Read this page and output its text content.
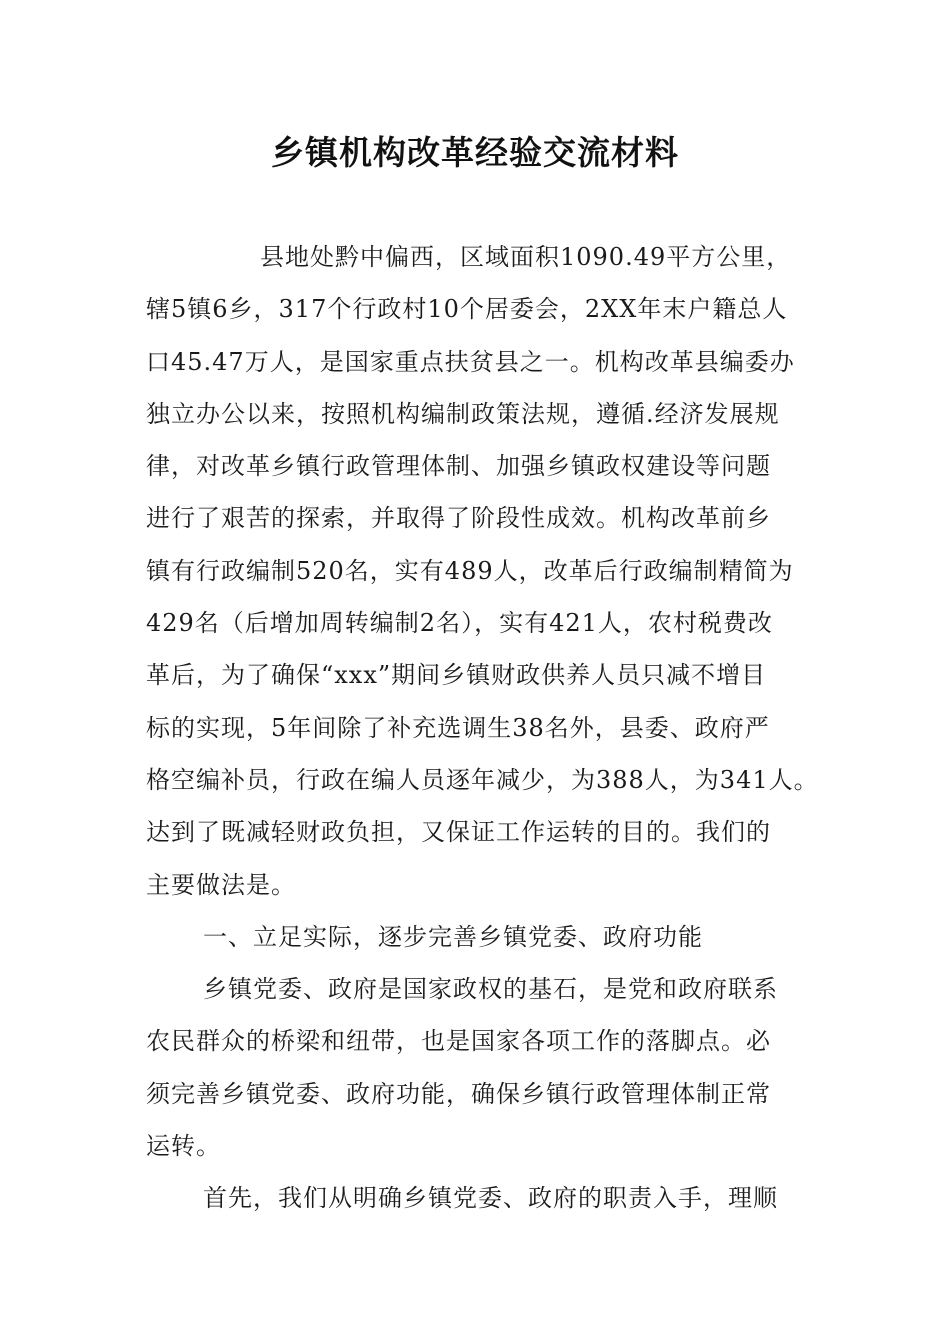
乡镇机构改革经验交流材料
县地处黔中偏西，区域面积1090.49平方公里，
辖5镇6乡，317个行政村10个居委会，2XX年末户籍总人
口45.47万人，是国家重点扶贫县之一。机构改革县编委办
独立办公以来，按照机构编制政策法规，遵循.经济发展规
律，对改革乡镇行政管理体制、加强乡镇政权建设等问题
进行了艰苦的探索，并取得了阶段性成效。机构改革前乡
镇有行政编制520名，实有489人，改革后行政编制精简为
429名（后增加周转编制2名），实有421人，农村税费改
革后，为了确保“xxx”期间乡镇财政供养人员只减不增目
标的实现，5年间除了补充选调生38名外，县委、政府严
格空编补员，行政在编人员逐年减少，为388人，为341人。
达到了既减轻财政负担，又保证工作运转的目的。我们的
主要做法是。
一、立足实际，逐步完善乡镇党委、政府功能
乡镇党委、政府是国家政权的基石，是党和政府联系
农民群众的桥梁和纽带，也是国家各项工作的落脚点。必
须完善乡镇党委、政府功能，确保乡镇行政管理体制正常
运转。
首先，我们从明确乡镇党委、政府的职责入手，理顺
